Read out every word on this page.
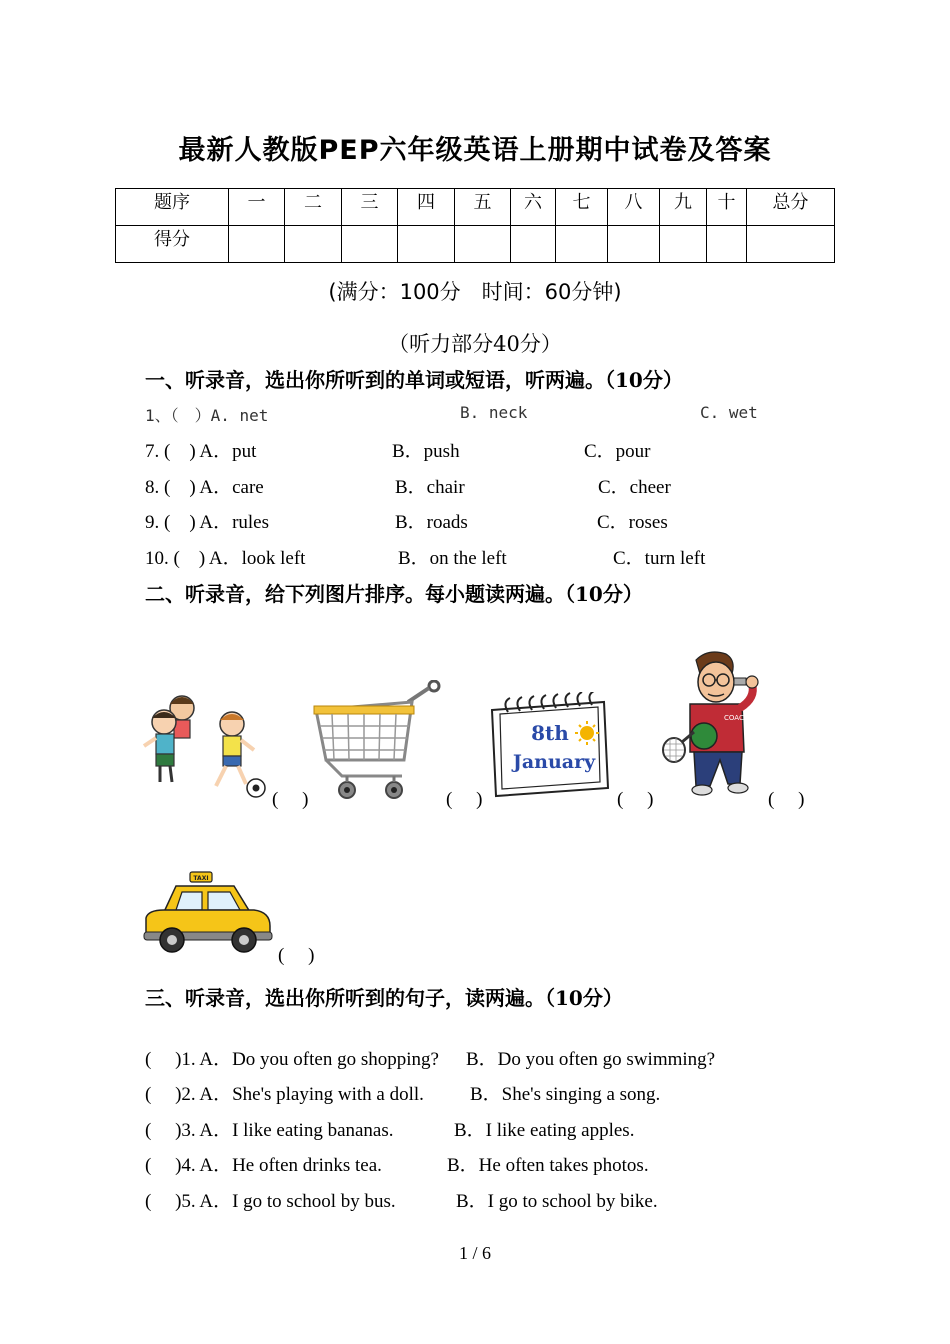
最新人教版PEP六年级英语上册期中试卷及答案
题序	一	二	三	四	五	六	七	八	九	十	总分
得分											
(满分：100分　时间：60分钟)
（听力部分40分）
一、听录音，选出你所听到的单词或短语，听两遍。（10分）
1、（　）A. net	B. neck	C. wet
7. (　) A．put	B．push	C．pour
8. (　) A．care	B．chair	C．cheer
9. (　) A．rules	B．roads	C．roses
10. (　) A．look left	B．on the left	C．turn left
二、听录音，给下列图片排序。每小题读两遍。（10分）
(　 )	(　 )
8th
January
(　 )
COACH
(　 )
TAXI
(　 )
三、听录音，选出你所听到的句子，读两遍。（10分）
(　 )1. A．Do you often go shopping? B．Do you often go swimming?
(　 )2. A．She's playing with a doll. B．She's singing a song.
(　 )3. A．I like eating bananas.	B．I like eating apples.
(　 )4. A．He often drinks tea.	B．He often takes photos.
(　 )5. A．I go to school by bus.	B．I go to school by bike.
1 / 6
